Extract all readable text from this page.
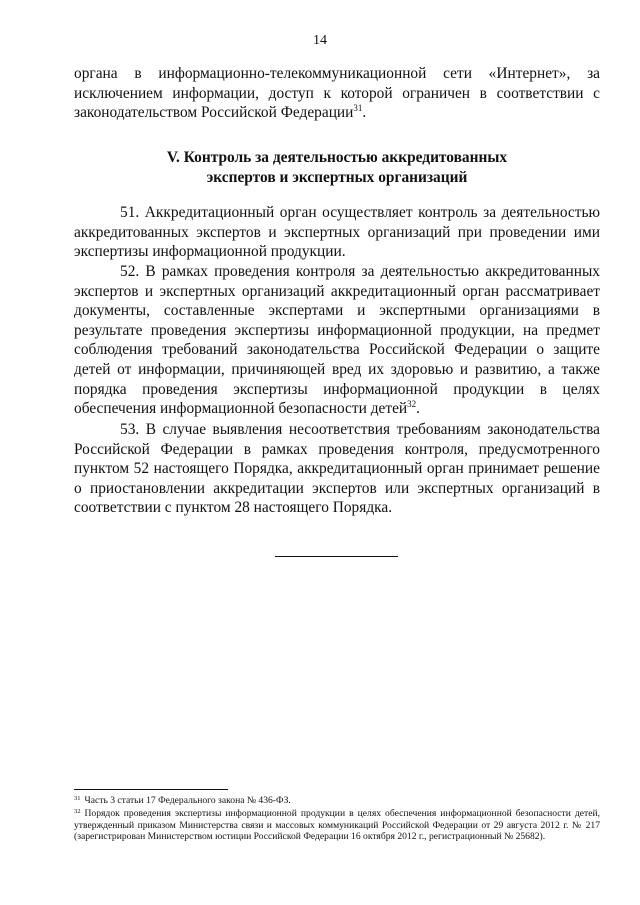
14

органа в информационно-телекоммуникационной сети «Интернет», за исключением информации, доступ к которой ограничен в соответствии с законодательством Российской Федерации$^{31}$.

V. Контроль за деятельностью аккредитованных
экспертов и экспертных организаций

51. Аккредитационный орган осуществляет контроль за деятельностью аккредитованных экспертов и экспертных организаций при проведении ими экспертизы информационной продукции.

52. В рамках проведения контроля за деятельностью аккредитованных экспертов и экспертных организаций аккредитационный орган рассматривает документы, составленные экспертами и экспертными организациями в результате проведения экспертизы информационной продукции, на предмет соблюдения требований законодательства Российской Федерации о защите детей от информации, причиняющей вред их здоровью и развитию, а также порядка проведения экспертизы информационной продукции в целях обеспечения информационной безопасности детей$^{32}$.

53. В случае выявления несоответствия требованиям законодательства Российской Федерации в рамках проведения контроля, предусмотренного пунктом 52 настоящего Порядка, аккредитационный орган принимает решение о приостановлении аккредитации экспертов или экспертных организаций в соответствии с пунктом 28 настоящего Порядка.

$^{31}$ Часть 3 статьи 17 Федерального закона № 436-ФЗ.

$^{32}$ Порядок проведения экспертизы информационной продукции в целях обеспечения информационной безопасности детей, утвержденный приказом Министерства связи и массовых коммуникаций Российской Федерации от 29 августа 2012 г. № 217 (зарегистрирован Министерством юстиции Российской Федерации 16 октября 2012 г., регистрационный № 25682).
